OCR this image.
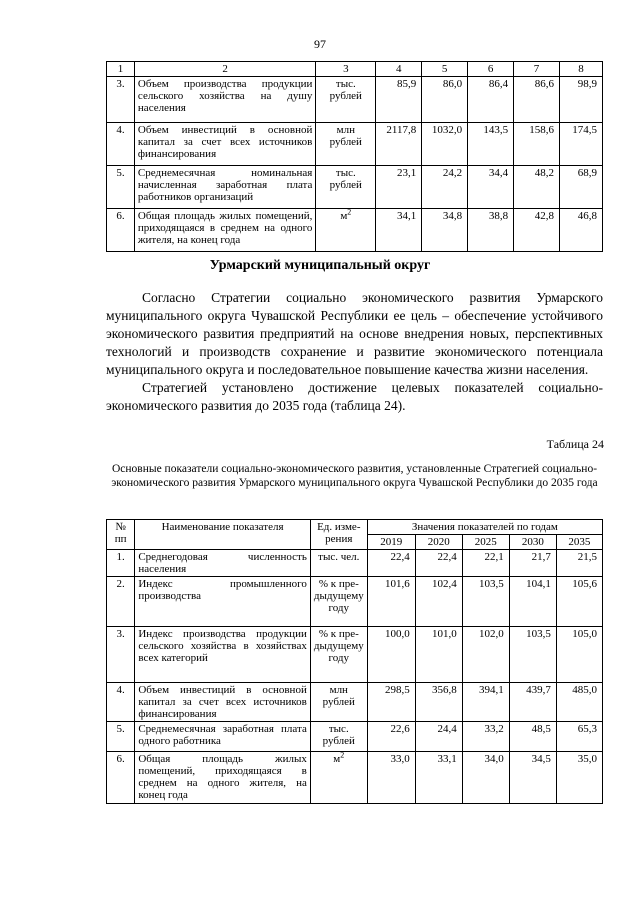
97
1	2	3	4	5	6	7	8
3.	Объем производства продукции сельского хозяйства на душу населения	тыс. рублей	85,9	86,0	86,4	86,6	98,9
4.	Объем инвестиций в основной капитал за счет всех источников финансирования	млн рублей	2117,8	1032,0	143,5	158,6	174,5
5.	Среднемесячная номинальная начисленная заработная плата работников организаций	тыс. рублей	23,1	24,2	34,4	48,2	68,9
6.	Общая площадь жилых помещений, приходящаяся в среднем на одного жителя, на конец года	$м^2$	34,1	34,8	38,8	42,8	46,8
Урмарский муниципальный округ

Согласно Стратегии социально экономического развития Урмарского муниципального округа Чувашской Республики ее цель – обеспечение устойчивого экономического развития предприятий на основе внедрения новых, перспективных технологий и производств сохранение и развитие экономического потенциала муниципального округа и последовательное повышение качества жизни населения.

Стратегией установлено достижение целевых показателей социально-экономического развития до 2035 года (таблица 24).

Таблица 24
Основные показатели социально-экономического развития, установленные Стратегией социально-экономического развития Урмарского муниципального округа Чувашской Республики до 2035 года
№ пп	Наименование показателя	Ед. изме-рения	Значения показателей по годам				
			2019	2020	2025	2030	2035
1.	Среднегодовая численность населения	тыс. чел.	22,4	22,4	22,1	21,7	21,5
2.	Индекс промышленного производства	% к пре-дыдущему году	101,6	102,4	103,5	104,1	105,6
3.	Индекс производства продукции сельского хозяйства в хозяйствах всех категорий	% к пре-дыдущему году	100,0	101,0	102,0	103,5	105,0
4.	Объем инвестиций в основной капитал за счет всех источников финансирования	млн рублей	298,5	356,8	394,1	439,7	485,0
5.	Среднемесячная заработная плата одного работника	тыс. рублей	22,6	24,4	33,2	48,5	65,3
6.	Общая площадь жилых помещений, приходящаяся в среднем на одного жителя, на конец года	$м^2$	33,0	33,1	34,0	34,5	35,0
